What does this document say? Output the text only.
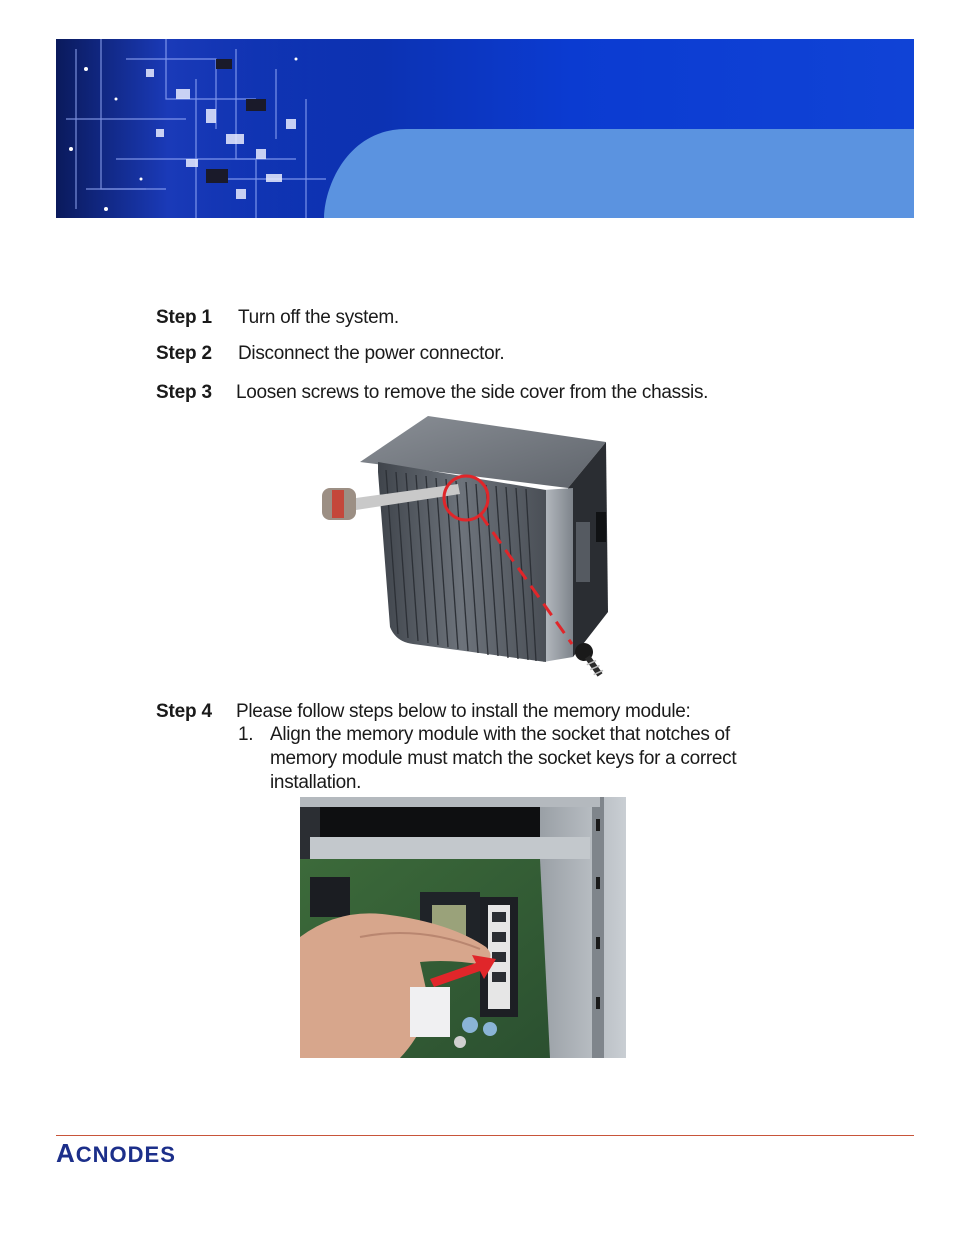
Step 1 Turn off the system.
Step 2 Disconnect the power connector.
Step 3 Loosen screws to remove the side cover from the chassis.
Step 4 Please follow steps below to install the memory module:
1. Align the memory module with the socket that notches of memory module must match the socket keys for a correct installation.
ACNODES
